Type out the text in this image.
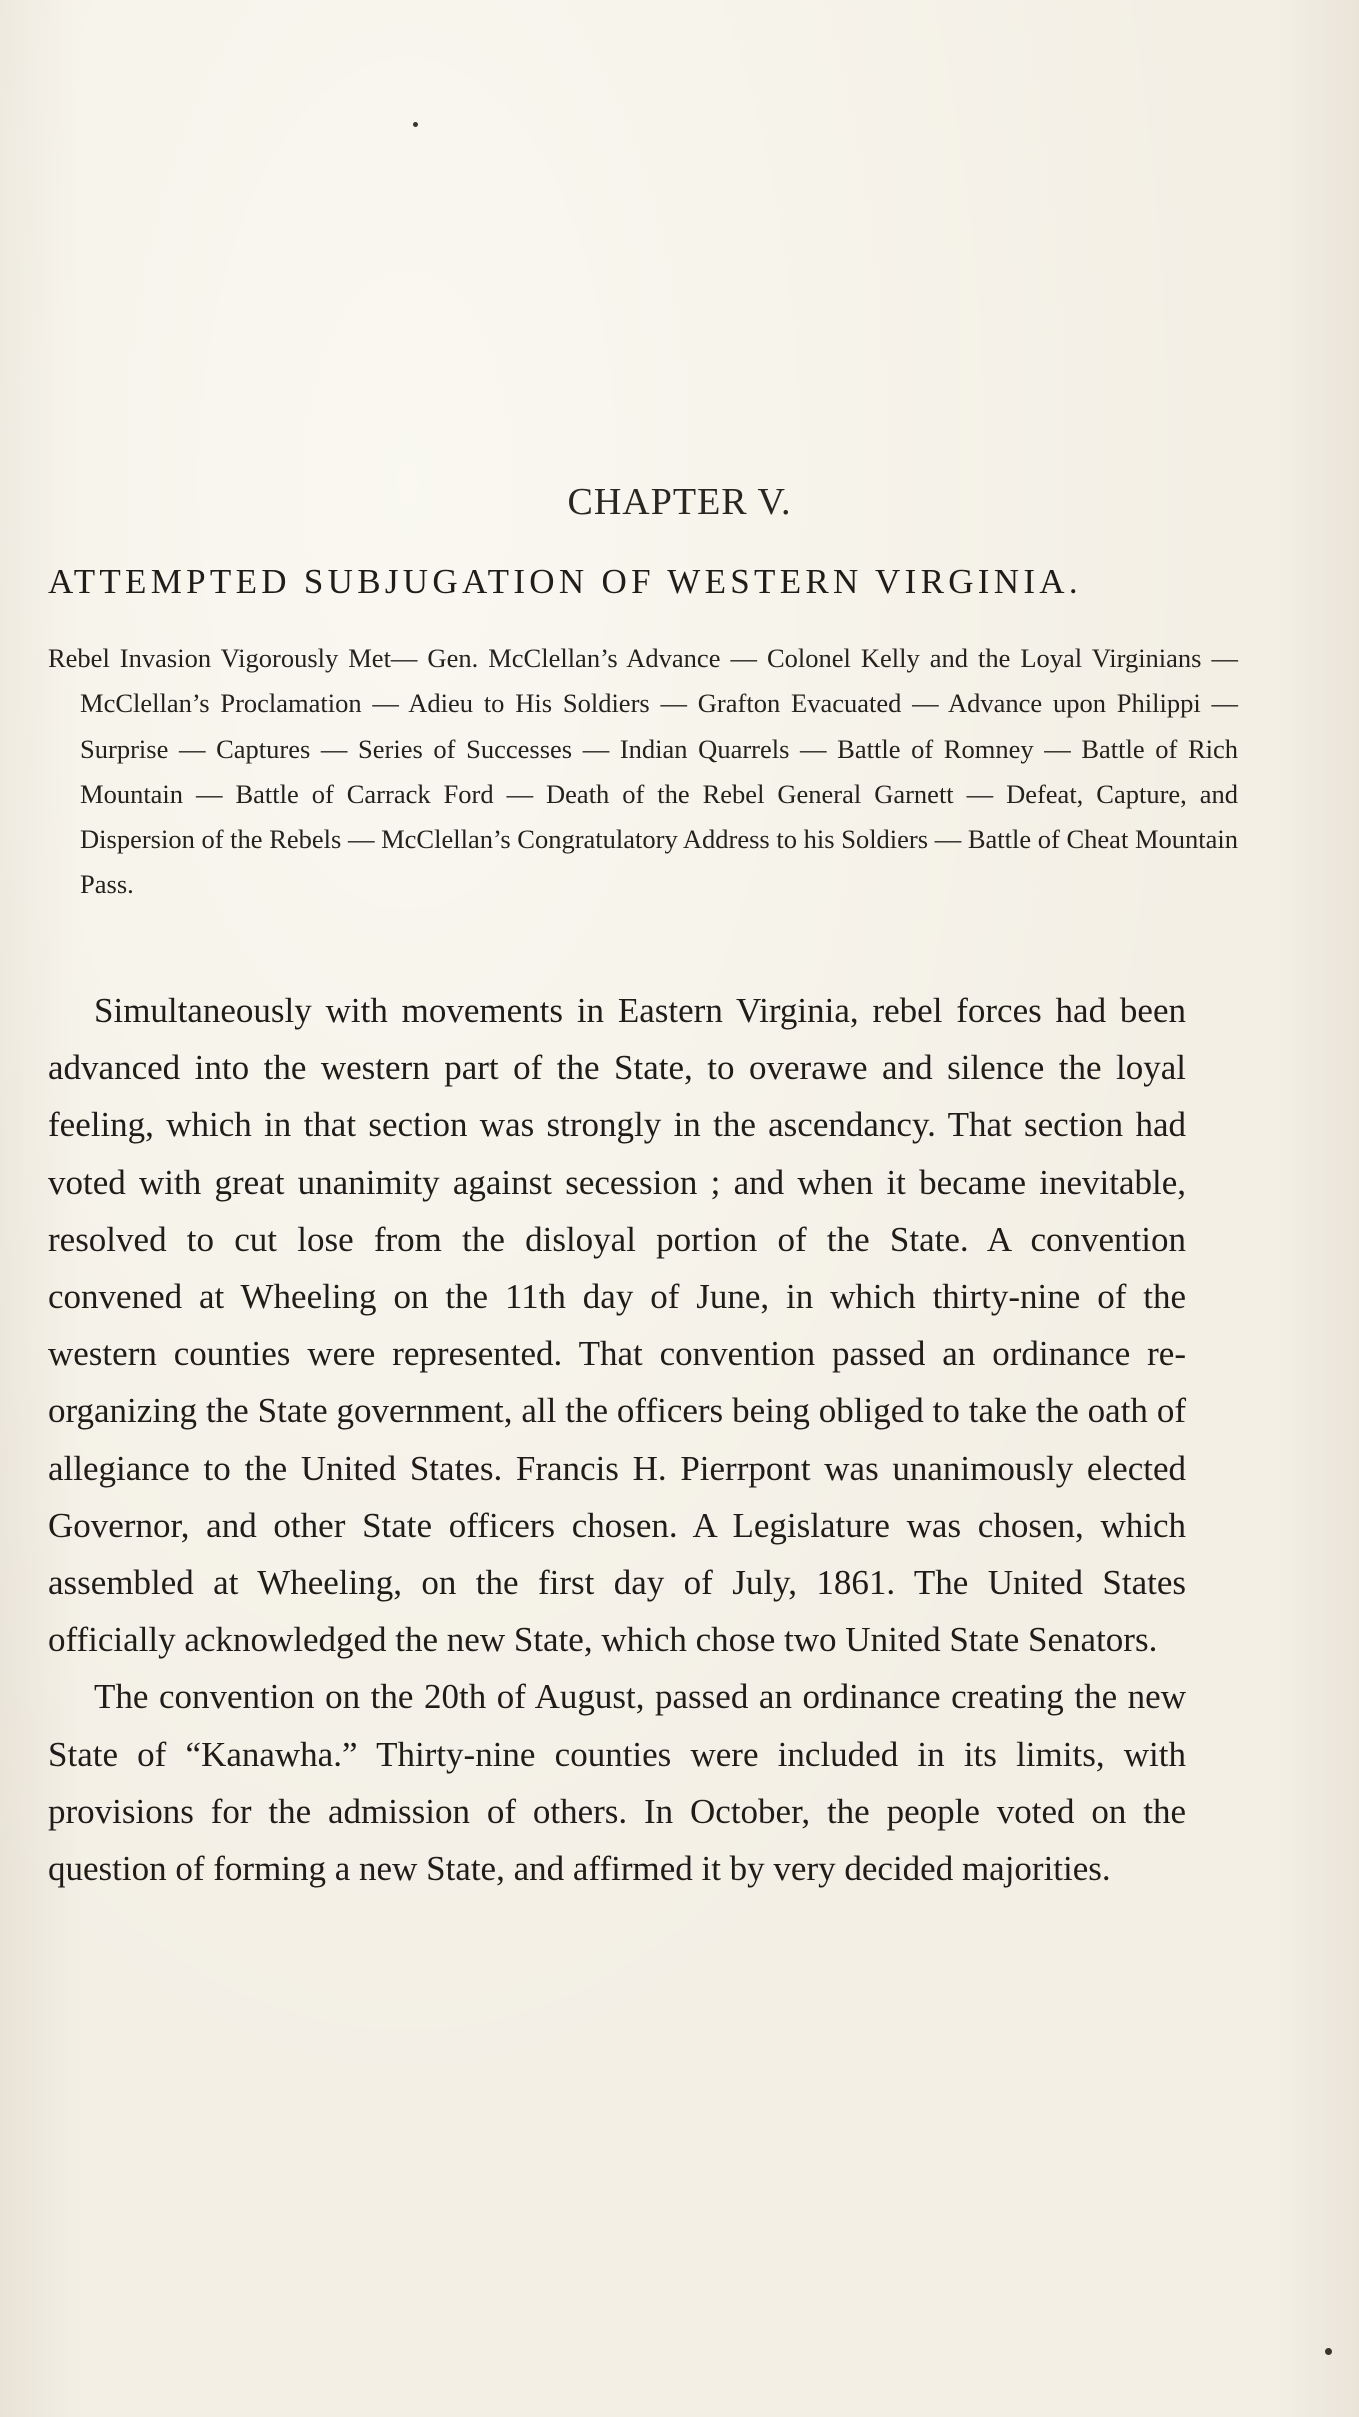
CHAPTER V.
ATTEMPTED SUBJUGATION OF WESTERN VIRGINIA.
Rebel Invasion Vigorously Met— Gen. McClellan’s Advance — Colonel Kelly and the Loyal Virginians — McClellan’s Proclamation — Adieu to His Soldiers — Grafton Evacuated — Advance upon Philippi — Surprise — Captures — Series of Successes — Indian Quarrels — Battle of Romney — Battle of Rich Mountain — Battle of Carrack Ford — Death of the Rebel General Garnett — Defeat, Capture, and Dispersion of the Rebels — McClellan’s Congratulatory Address to his Soldiers — Battle of Cheat Mountain Pass.

Simultaneously with movements in Eastern Virginia, rebel forces had been advanced into the western part of the State, to overawe and silence the loyal feeling, which in that section was strongly in the ascendancy. That section had voted with great unanimity against secession ; and when it became inevitable, resolved to cut lose from the disloyal portion of the State. A convention convened at Wheeling on the 11th day of June, in which thirty-nine of the western counties were represented. That convention passed an ordinance re-organizing the State government, all the officers being obliged to take the oath of allegiance to the United States. Francis H. Pierrpont was unanimously elected Governor, and other State officers chosen. A Legislature was chosen, which assembled at Wheeling, on the first day of July, 1861. The United States officially acknowledged the new State, which chose two United State Senators.

The convention on the 20th of August, passed an ordinance creating the new State of “Kanawha.” Thirty-nine counties were included in its limits, with provisions for the admission of others. In October, the people voted on the question of forming a new State, and affirmed it by very decided majorities.
